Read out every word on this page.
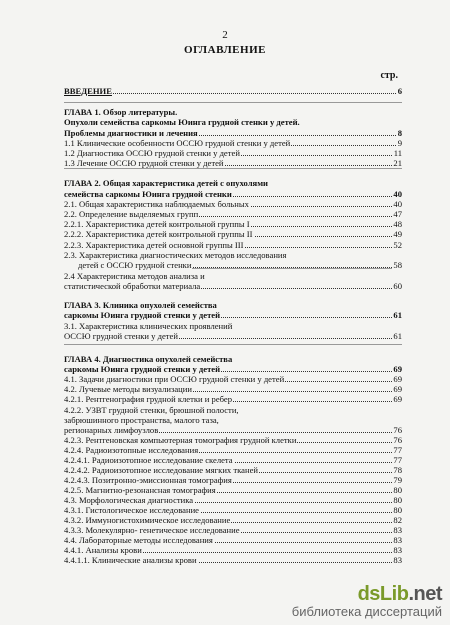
2
ОГЛАВЛЕНИЕ
стр.
ВВЕДЕНИЕ	6
ГЛАВА 1. Обзор литературы.
Опухоли семейства саркомы Юинга грудной стенки у детей.
Проблемы диагностики и лечения	8
1.1 Клинические особенности ОССЮ грудной стенки у детей	9
1.2 Диагностика ОССЮ грудной стенки у детей	11
1.3 Лечение ОССЮ грудной стенки у детей	21
ГЛАВА 2. Общая характеристика детей с опухолями
семейства саркомы Юинга грудной стенки	40
2.1. Общая характеристика наблюдаемых больных	40
2.2. Определение выделяемых групп	47
2.2.1. Характеристика детей контрольной группы I	48
2.2.2. Характеристика детей контрольной группы II	49
2.2.3. Характеристика детей основной группы III	52
2.3. Характеристика диагностических методов исследования
детей с ОССЮ грудной стенки	58
2.4 Характеристика методов анализа и
статистической обработки материала	60
ГЛАВА 3. Клиника опухолей семейства
саркомы Юинга грудной стенки у детей	61
3.1. Характеристика клинических проявлений
ОССЮ грудной стенки у детей	61
ГЛАВА 4. Диагностика опухолей семейства
саркомы Юинга грудной стенки у детей	69
4.1. Задачи диагностики при ОССЮ грудной стенки у детей	69
4.2. Лучевые методы визуализации	69
4.2.1. Рентгенография грудной клетки и ребер	69
4.2.2. УЗВТ грудной стенки, брюшной полости,
забрюшинного пространства, малого таза,
регионарных лимфоузлов	76
4.2.3. Рентгеновская компьютерная томография грудной клетки	76
4.2.4. Радиоизотопные исследования	77
4.2.4.1. Радиоизотопное исследование скелета	77
4.2.4.2. Радиоизотопное исследование мягких тканей	78
4.2.4.3. Позитронно-эмиссионная томография	79
4.2.5. Магнитно-резонансная томография	80
4.3. Морфологическая диагностика	80
4.3.1. Гистологическое исследование	80
4.3.2. Иммуногистохимическое исследование	82
4.3.3. Молекулярно- генетическое исследование	83
4.4. Лабораторные методы исследования	83
4.4.1. Анализы крови	83
4.4.1.1. Клинические анализы крови	83
dsLib.net
библиотека диссертаций
